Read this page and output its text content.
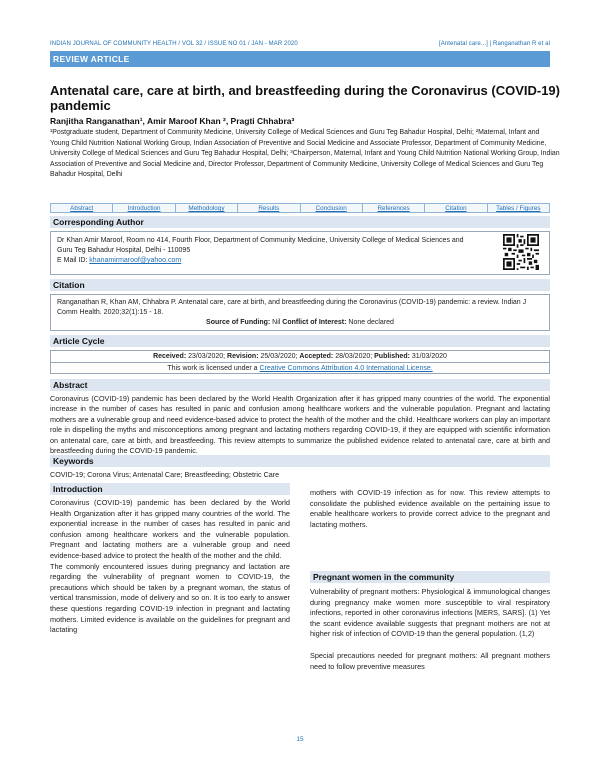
INDIAN JOURNAL OF COMMUNITY HEALTH / VOL 32 / ISSUE NO 01 / JAN - MAR 2020	[Antenatal care...] | Ranganathan R et al
REVIEW ARTICLE
Antenatal care, care at birth, and breastfeeding during the Coronavirus (COVID-19) pandemic
Ranjitha Ranganathan¹, Amir Maroof Khan ², Pragti Chhabra³
¹Postgraduate student, Department of Community Medicine, University College of Medical Sciences and Guru Teg Bahadur Hospital, Delhi; ²Maternal, Infant and Young Child Nutrition National Working Group, Indian Association of Preventive and Social Medicine and Associate Professor, Department of Community Medicine, University College of Medical Sciences and Guru Teg Bahadur Hospital, Delhi; ³Chairperson, Maternal, Infant and Young Child Nutrition National Working Group, Indian Association of Preventive and Social Medicine and, Director Professor, Department of Community Medicine, University College of Medical Sciences and Guru Teg Bahadur Hospital, Delhi
Abstract	Introduction	Methodology	Results	Conclusion	References	Citation	Tables / Figures
Corresponding Author
Dr Khan Amir Maroof, Room no 414, Fourth Floor, Department of Community Medicine, University College of Medical Sciences and Guru Teg Bahadur Hospital, Delhi - 110095
E Mail ID: khanamirmaroof@yahoo.com
Citation
Ranganathan R, Khan AM, Chhabra P. Antenatal care, care at birth, and breastfeeding during the Coronavirus (COVID-19) pandemic: a review. Indian J Comm Health. 2020;32(1):15 - 18.
Source of Funding: Nil Conflict of Interest: None declared
Article Cycle
Received: 23/03/2020; Revision: 25/03/2020; Accepted: 28/03/2020; Published: 31/03/2020
This work is licensed under a Creative Commons Attribution 4.0 International License.
Abstract
Coronavirus (COVID-19) pandemic has been declared by the World Health Organization after it has gripped many countries of the world. The exponential increase in the number of cases has resulted in panic and confusion among healthcare workers and the vulnerable population. Pregnant and lactating mothers are a vulnerable group and need evidence-based advice to protect the health of the mother and the child. Healthcare workers can play an important role in dispelling the myths and misconceptions among pregnant and lactating mothers regarding COVID-19, if they are equipped with scientific information on antenatal care, care at birth, and breastfeeding. This review attempts to summarize the published evidence related to antenatal care, care at birth and breastfeeding during the COVID-19 pandemic.
Keywords
COVID-19; Corona Virus; Antenatal Care; Breastfeeding; Obstetric Care
Introduction

Coronavirus (COVID-19) pandemic has been declared by the World Health Organization after it has gripped many countries of the world. The exponential increase in the number of cases has resulted in panic and confusion among healthcare workers and the vulnerable population. Pregnant and lactating mothers are a vulnerable group and need evidence-based advice to protect the health of the mother and the child.

The commonly encountered issues during pregnancy and lactation are regarding the vulnerability of pregnant women to COVID-19, the precautions which should be taken by a pregnant woman, the status of vertical transmission, mode of delivery and so on. It is too early to answer these questions regarding COVID-19 infection in pregnant and lactating mothers. Limited evidence is available on the guidelines for pregnant and lactating

mothers with COVID-19 infection as for now. This review attempts to consolidate the published evidence available on the pertaining issue to enable healthcare workers to provide correct advice to the pregnant and lactating mothers.
Pregnant women in the community

Vulnerability of pregnant mothers: Physiological & immunological changes during pregnancy make women more susceptible to viral respiratory infections, reported in other coronavirus infections [MERS, SARS]. (1) Yet the scant evidence available suggests that pregnant mothers are not at higher risk of infection of COVID-19 than the general population. (1,2)

Special precautions needed for pregnant mothers: All pregnant mothers need to follow preventive measures

15
